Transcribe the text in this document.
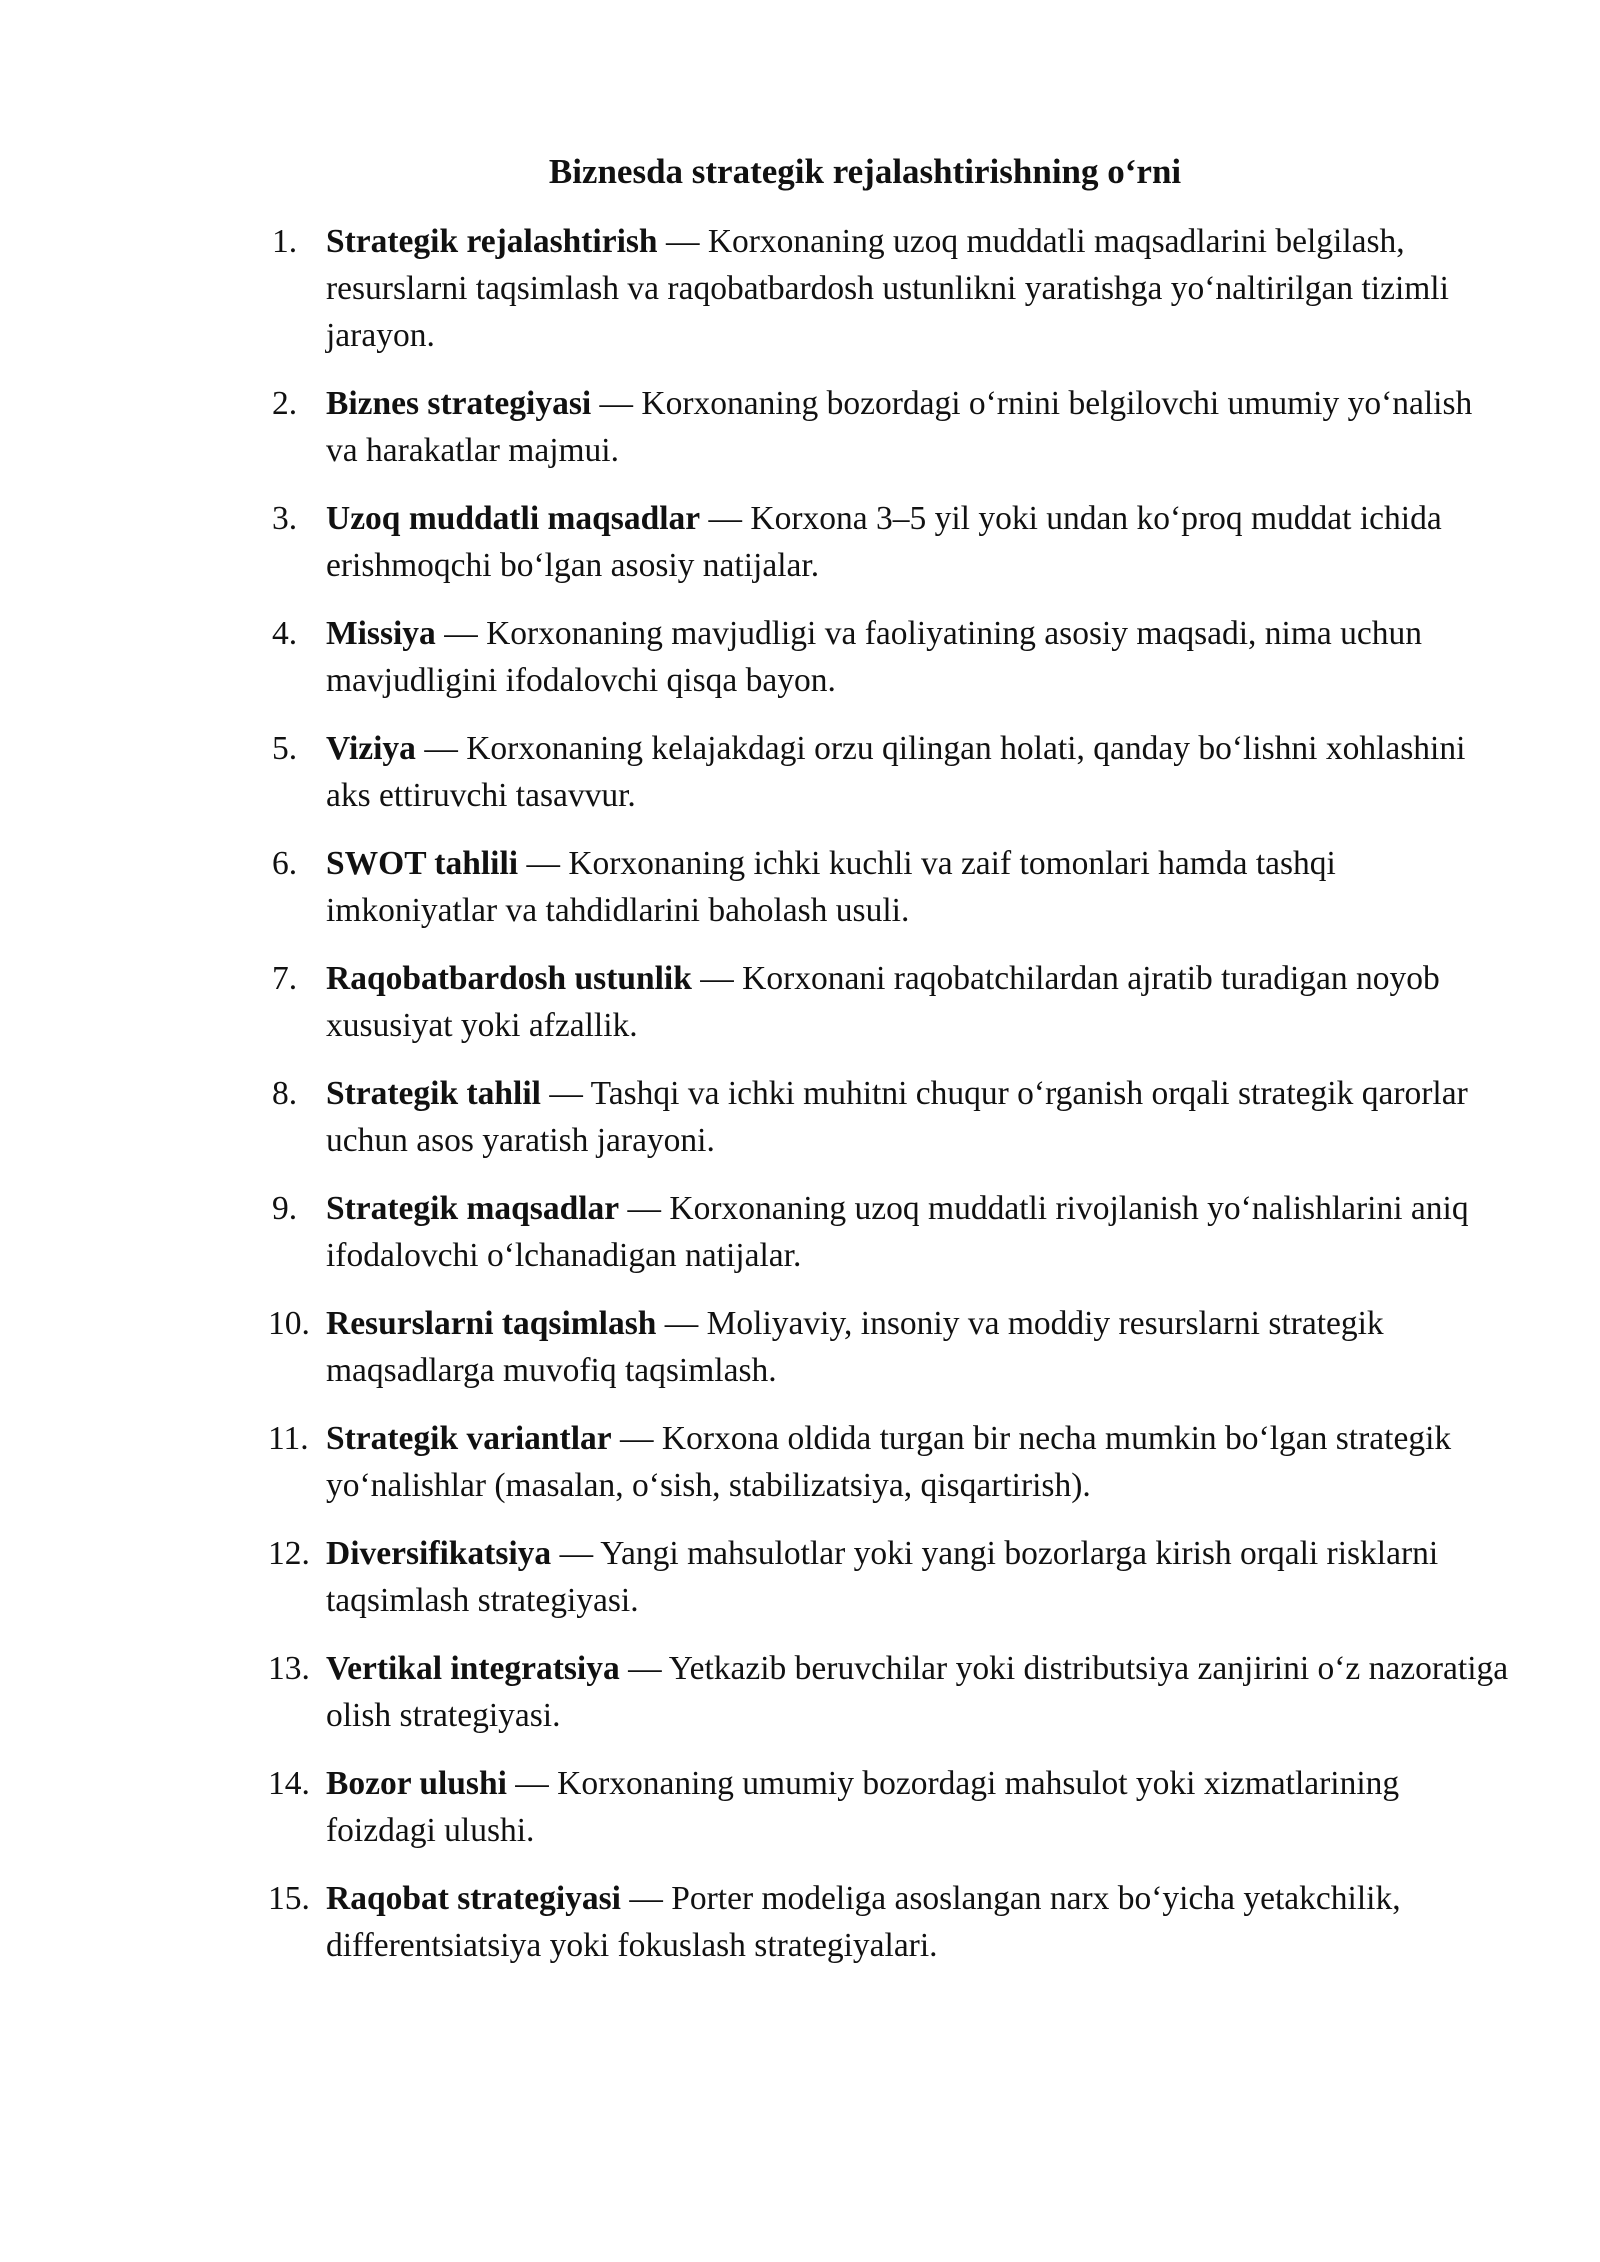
Biznesda strategik rejalashtirishning o‘rni
1. Strategik rejalashtirish — Korxonaning uzoq muddatli maqsadlarini belgilash, resurslarni taqsimlash va raqobatbardosh ustunlikni yaratishga yo‘naltirilgan tizimli jarayon.
2. Biznes strategiyasi — Korxonaning bozordagi o‘rnini belgilovchi umumiy yo‘nalish va harakatlar majmui.
3. Uzoq muddatli maqsadlar — Korxona 3–5 yil yoki undan ko‘proq muddat ichida erishmoqchi bo‘lgan asosiy natijalar.
4. Missiya — Korxonaning mavjudligi va faoliyatining asosiy maqsadi, nima uchun mavjudligini ifodalovchi qisqa bayon.
5. Viziya — Korxonaning kelajakdagi orzu qilingan holati, qanday bo‘lishni xohlashini aks ettiruvchi tasavvur.
6. SWOT tahlili — Korxonaning ichki kuchli va zaif tomonlari hamda tashqi imkoniyatlar va tahdidlarini baholash usuli.
7. Raqobatbardosh ustunlik — Korxonani raqobatchilardan ajratib turadigan noyob xususiyat yoki afzallik.
8. Strategik tahlil — Tashqi va ichki muhitni chuqur o‘rganish orqali strategik qarorlar uchun asos yaratish jarayoni.
9. Strategik maqsadlar — Korxonaning uzoq muddatli rivojlanish yo‘nalishlarini aniq ifodalovchi o‘lchanadigan natijalar.
10. Resurslarni taqsimlash — Moliyaviy, insoniy va moddiy resurslarni strategik maqsadlarga muvofiq taqsimlash.
11. Strategik variantlar — Korxona oldida turgan bir necha mumkin bo‘lgan strategik yo‘nalishlar (masalan, o‘sish, stabilizatsiya, qisqartirish).
12. Diversifikatsiya — Yangi mahsulotlar yoki yangi bozorlarga kirish orqali risklarni taqsimlash strategiyasi.
13. Vertikal integratsiya — Yetkazib beruvchilar yoki distributsiya zanjirini o‘z nazoratiga olish strategiyasi.
14. Bozor ulushi — Korxonaning umumiy bozordagi mahsulot yoki xizmatlarining foizdagi ulushi.
15. Raqobat strategiyasi — Porter modeliga asoslangan narx bo‘yicha yetakchilik, differentsiatsiya yoki fokuslash strategiyalari.
